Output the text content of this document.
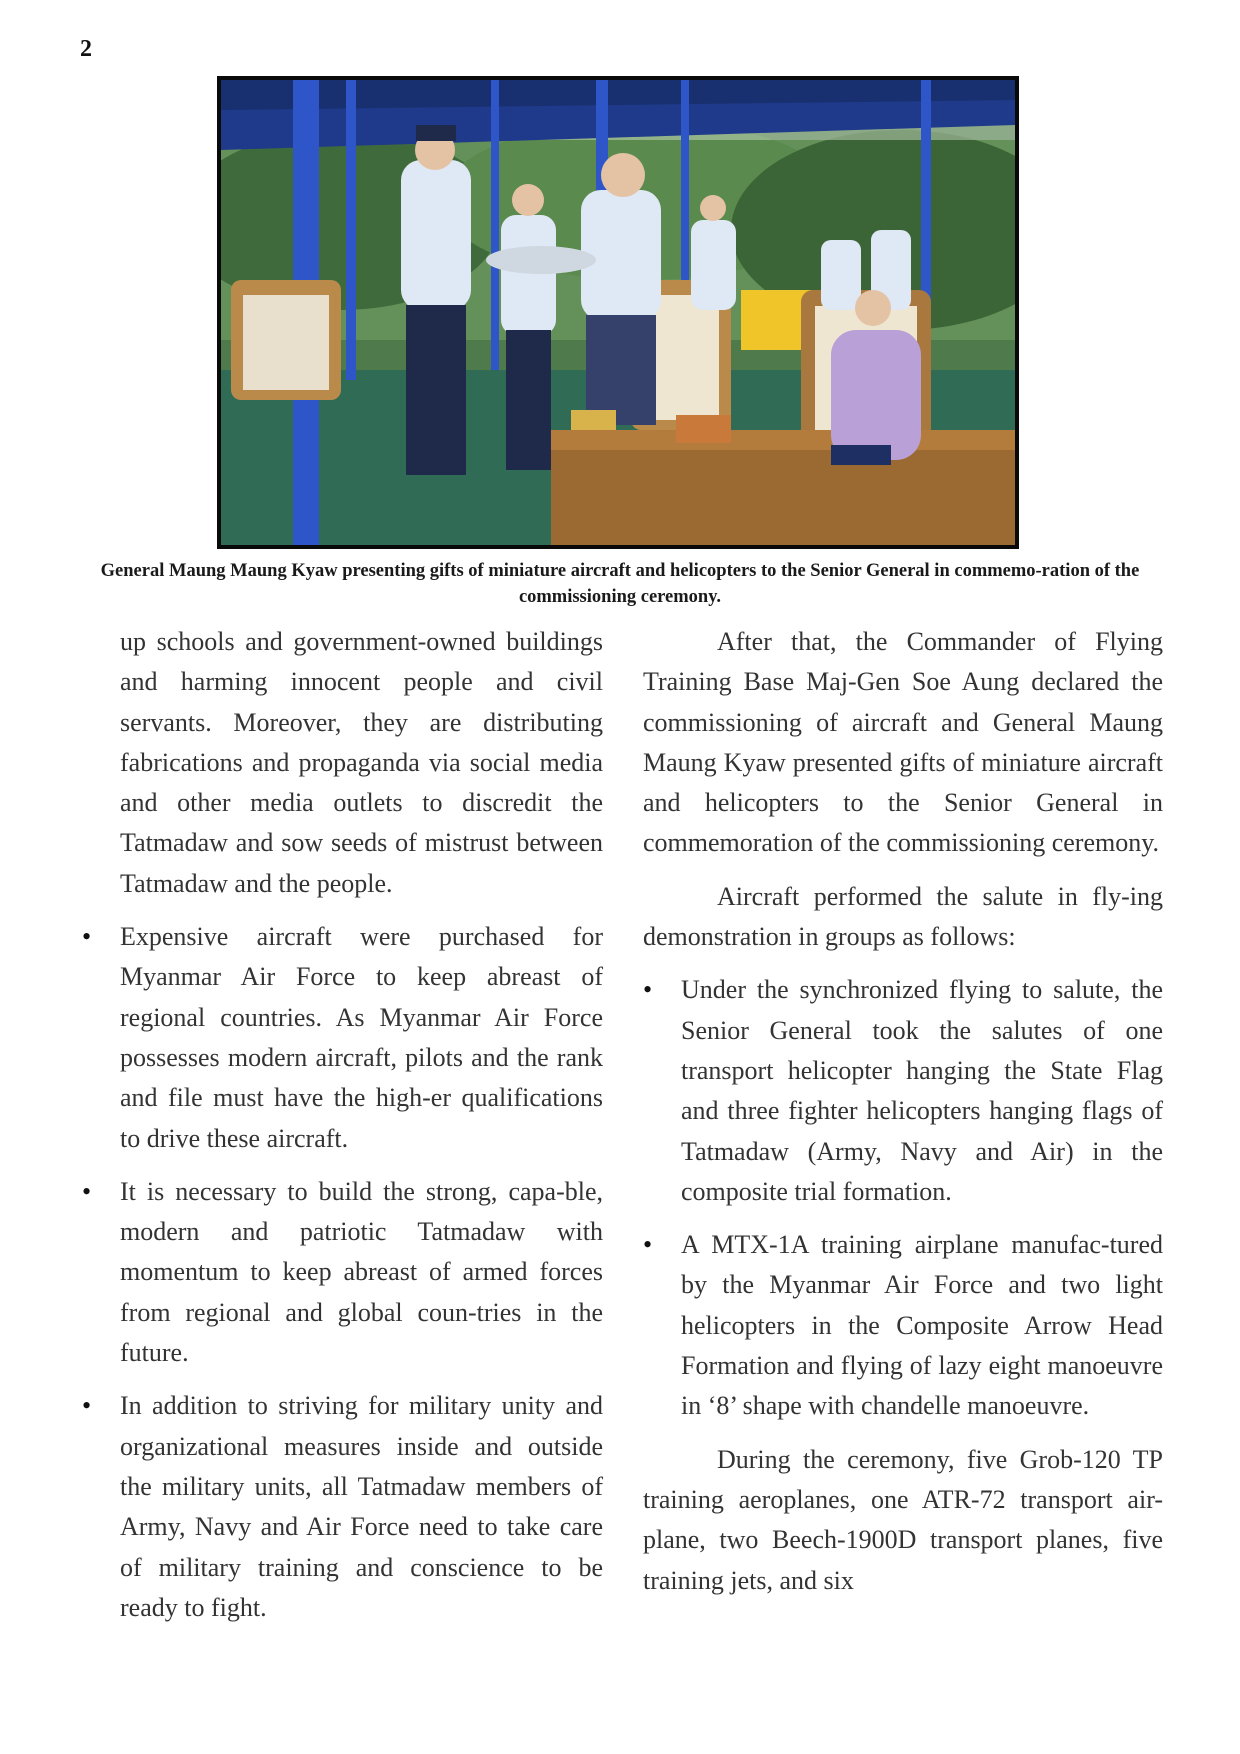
2
General Maung Maung Kyaw presenting gifts of miniature aircraft and helicopters to the Senior General in commemo-ration of the commissioning ceremony.

up schools and government-owned buildings and harming innocent people and civil servants. Moreover, they are distributing fabrications and propaganda via social media and other media outlets to discredit the Tatmadaw and sow seeds of mistrust between Tatmadaw and the people.

• Expensive aircraft were purchased for Myanmar Air Force to keep abreast of regional countries. As Myanmar Air Force possesses modern aircraft, pilots and the rank and file must have the high-er qualifications to drive these aircraft.
• It is necessary to build the strong, capa-ble, modern and patriotic Tatmadaw with momentum to keep abreast of armed forces from regional and global coun-tries in the future.
• In addition to striving for military unity and organizational measures inside and outside the military units, all Tatmadaw members of Army, Navy and Air Force need to take care of military training and conscience to be ready to fight.

After that, the Commander of Flying Training Base Maj-Gen Soe Aung declared the commissioning of aircraft and General Maung Maung Kyaw presented gifts of miniature aircraft and helicopters to the Senior General in commemoration of the commissioning ceremony.

Aircraft performed the salute in fly-ing demonstration in groups as follows:

• Under the synchronized flying to salute, the Senior General took the salutes of one transport helicopter hanging the State Flag and three fighter helicopters hanging flags of Tatmadaw (Army, Navy and Air) in the composite trial formation.
• A MTX-1A training airplane manufac-tured by the Myanmar Air Force and two light helicopters in the Composite Arrow Head Formation and flying of lazy eight manoeuvre in ‘8’ shape with chandelle manoeuvre.

During the ceremony, five Grob-120 TP training aeroplanes, one ATR-72 transport air-plane, two Beech-1900D transport planes, five training jets, and six
